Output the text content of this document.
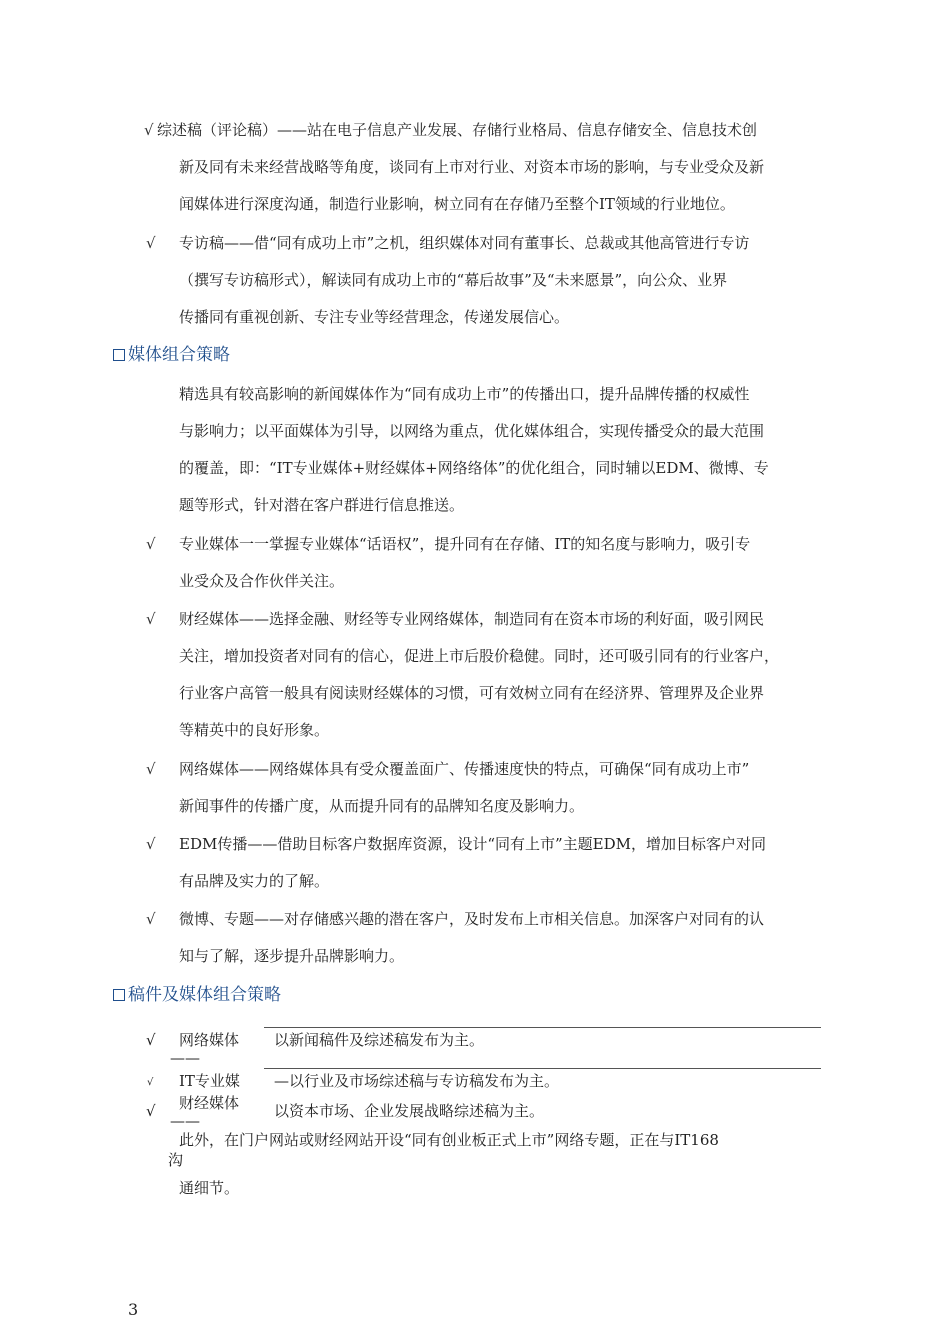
√ 综述稿（评论稿）——站在电子信息产业发展、存储行业格局、信息存储安全、信息技术创
新及同有未来经营战略等角度，谈同有上市对行业、对资本市场的影响，与专业受众及新
闻媒体进行深度沟通，制造行业影响，树立同有在存储乃至整个IT领域的行业地位。
√ 专访稿——借“同有成功上市”之机，组织媒体对同有董事长、总裁或其他高管进行专访
（撰写专访稿形式），解读同有成功上市的“幕后故事”及“未来愿景”，向公众、业界
传播同有重视创新、专注专业等经营理念，传递发展信心。
媒体组合策略
精选具有较高影响的新闻媒体作为“同有成功上市”的传播出口，提升品牌传播的权威性
与影响力；以平面媒体为引导，以网络为重点，优化媒体组合，实现传播受众的最大范围
的覆盖，即：“IT专业媒体+财经媒体+网络络体”的优化组合，同时辅以EDM、微博、专
题等形式，针对潜在客户群进行信息推送。
√ 专业媒体一一掌握专业媒体“话语权”，提升同有在存储、IT的知名度与影响力，吸引专
业受众及合作伙伴关注。
√ 财经媒体——选择金融、财经等专业网络媒体，制造同有在资本市场的利好面，吸引网民
关注，增加投资者对同有的信心，促进上市后股价稳健。同时，还可吸引同有的行业客户，
行业客户高管一般具有阅读财经媒体的习惯，可有效树立同有在经济界、管理界及企业界
等精英中的良好形象。
√ 网络媒体——网络媒体具有受众覆盖面广、传播速度快的特点，可确保“同有成功上市”
新闻事件的传播广度，从而提升同有的品牌知名度及影响力。
√ EDM传播——借助目标客户数据库资源，设计“同有上市”主题EDM，增加目标客户对同
有品牌及实力的了解。
√ 微博、专题——对存储感兴趣的潜在客户，及时发布上市相关信息。加深客户对同有的认
知与了解，逐步提升品牌影响力。
稿件及媒体组合策略
√ 网络媒体
——
以新闻稿件及综述稿发布为主。
√ IT专业媒 —以行业及市场综述稿与专访稿发布为主。
√ 财经媒体
——
以资本市场、企业发展战略综述稿为主。
此外，在门户网站或财经网站开设“同有创业板正式上市”网络专题，正在与IT168
沟
通细节。
3
